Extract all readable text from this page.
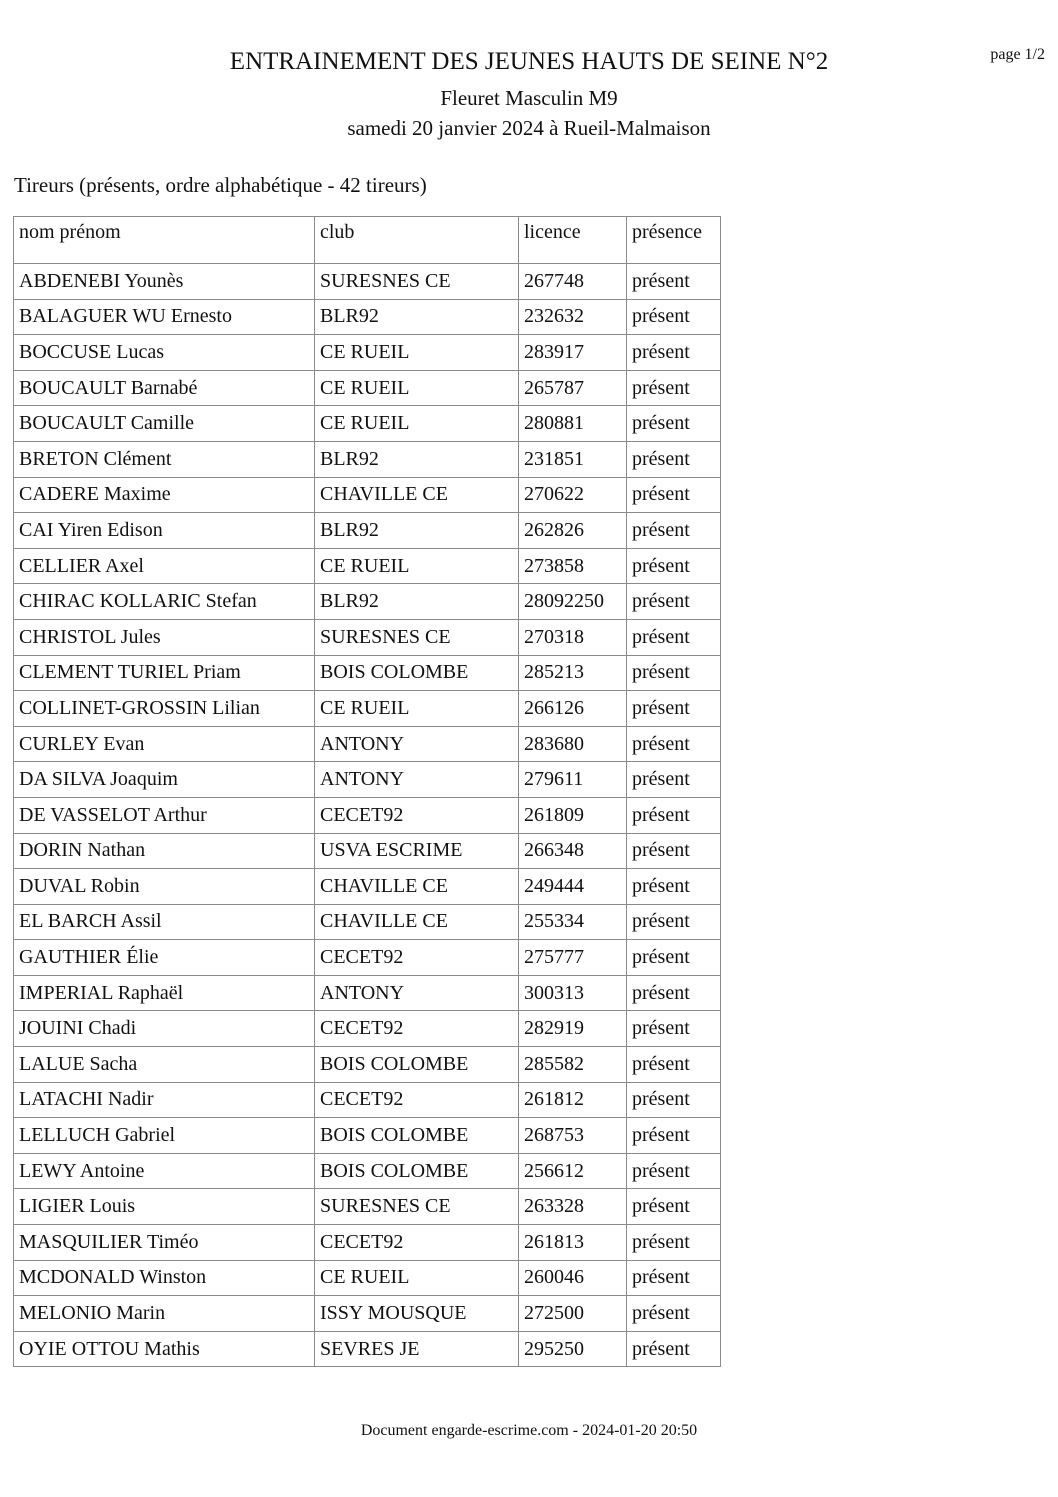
page 1/2
ENTRAINEMENT DES JEUNES HAUTS DE SEINE N°2
Fleuret Masculin M9
samedi 20 janvier 2024 à Rueil-Malmaison
Tireurs (présents, ordre alphabétique - 42 tireurs)
nom prénom	club	licence	présence
ABDENEBI Younès	SURESNES CE	267748	présent
BALAGUER WU Ernesto	BLR92	232632	présent
BOCCUSE Lucas	CE RUEIL	283917	présent
BOUCAULT Barnabé	CE RUEIL	265787	présent
BOUCAULT Camille	CE RUEIL	280881	présent
BRETON Clément	BLR92	231851	présent
CADERE Maxime	CHAVILLE CE	270622	présent
CAI Yiren Edison	BLR92	262826	présent
CELLIER Axel	CE RUEIL	273858	présent
CHIRAC KOLLARIC Stefan	BLR92	28092250	présent
CHRISTOL Jules	SURESNES CE	270318	présent
CLEMENT TURIEL Priam	BOIS COLOMBE	285213	présent
COLLINET-GROSSIN Lilian	CE RUEIL	266126	présent
CURLEY Evan	ANTONY	283680	présent
DA SILVA Joaquim	ANTONY	279611	présent
DE VASSELOT Arthur	CECET92	261809	présent
DORIN Nathan	USVA ESCRIME	266348	présent
DUVAL Robin	CHAVILLE CE	249444	présent
EL BARCH Assil	CHAVILLE CE	255334	présent
GAUTHIER Élie	CECET92	275777	présent
IMPERIAL Raphaël	ANTONY	300313	présent
JOUINI Chadi	CECET92	282919	présent
LALUE Sacha	BOIS COLOMBE	285582	présent
LATACHI Nadir	CECET92	261812	présent
LELLUCH Gabriel	BOIS COLOMBE	268753	présent
LEWY Antoine	BOIS COLOMBE	256612	présent
LIGIER Louis	SURESNES CE	263328	présent
MASQUILIER Timéo	CECET92	261813	présent
MCDONALD Winston	CE RUEIL	260046	présent
MELONIO Marin	ISSY MOUSQUE	272500	présent
OYIE OTTOU Mathis	SEVRES JE	295250	présent
Document engarde-escrime.com - 2024-01-20 20:50
